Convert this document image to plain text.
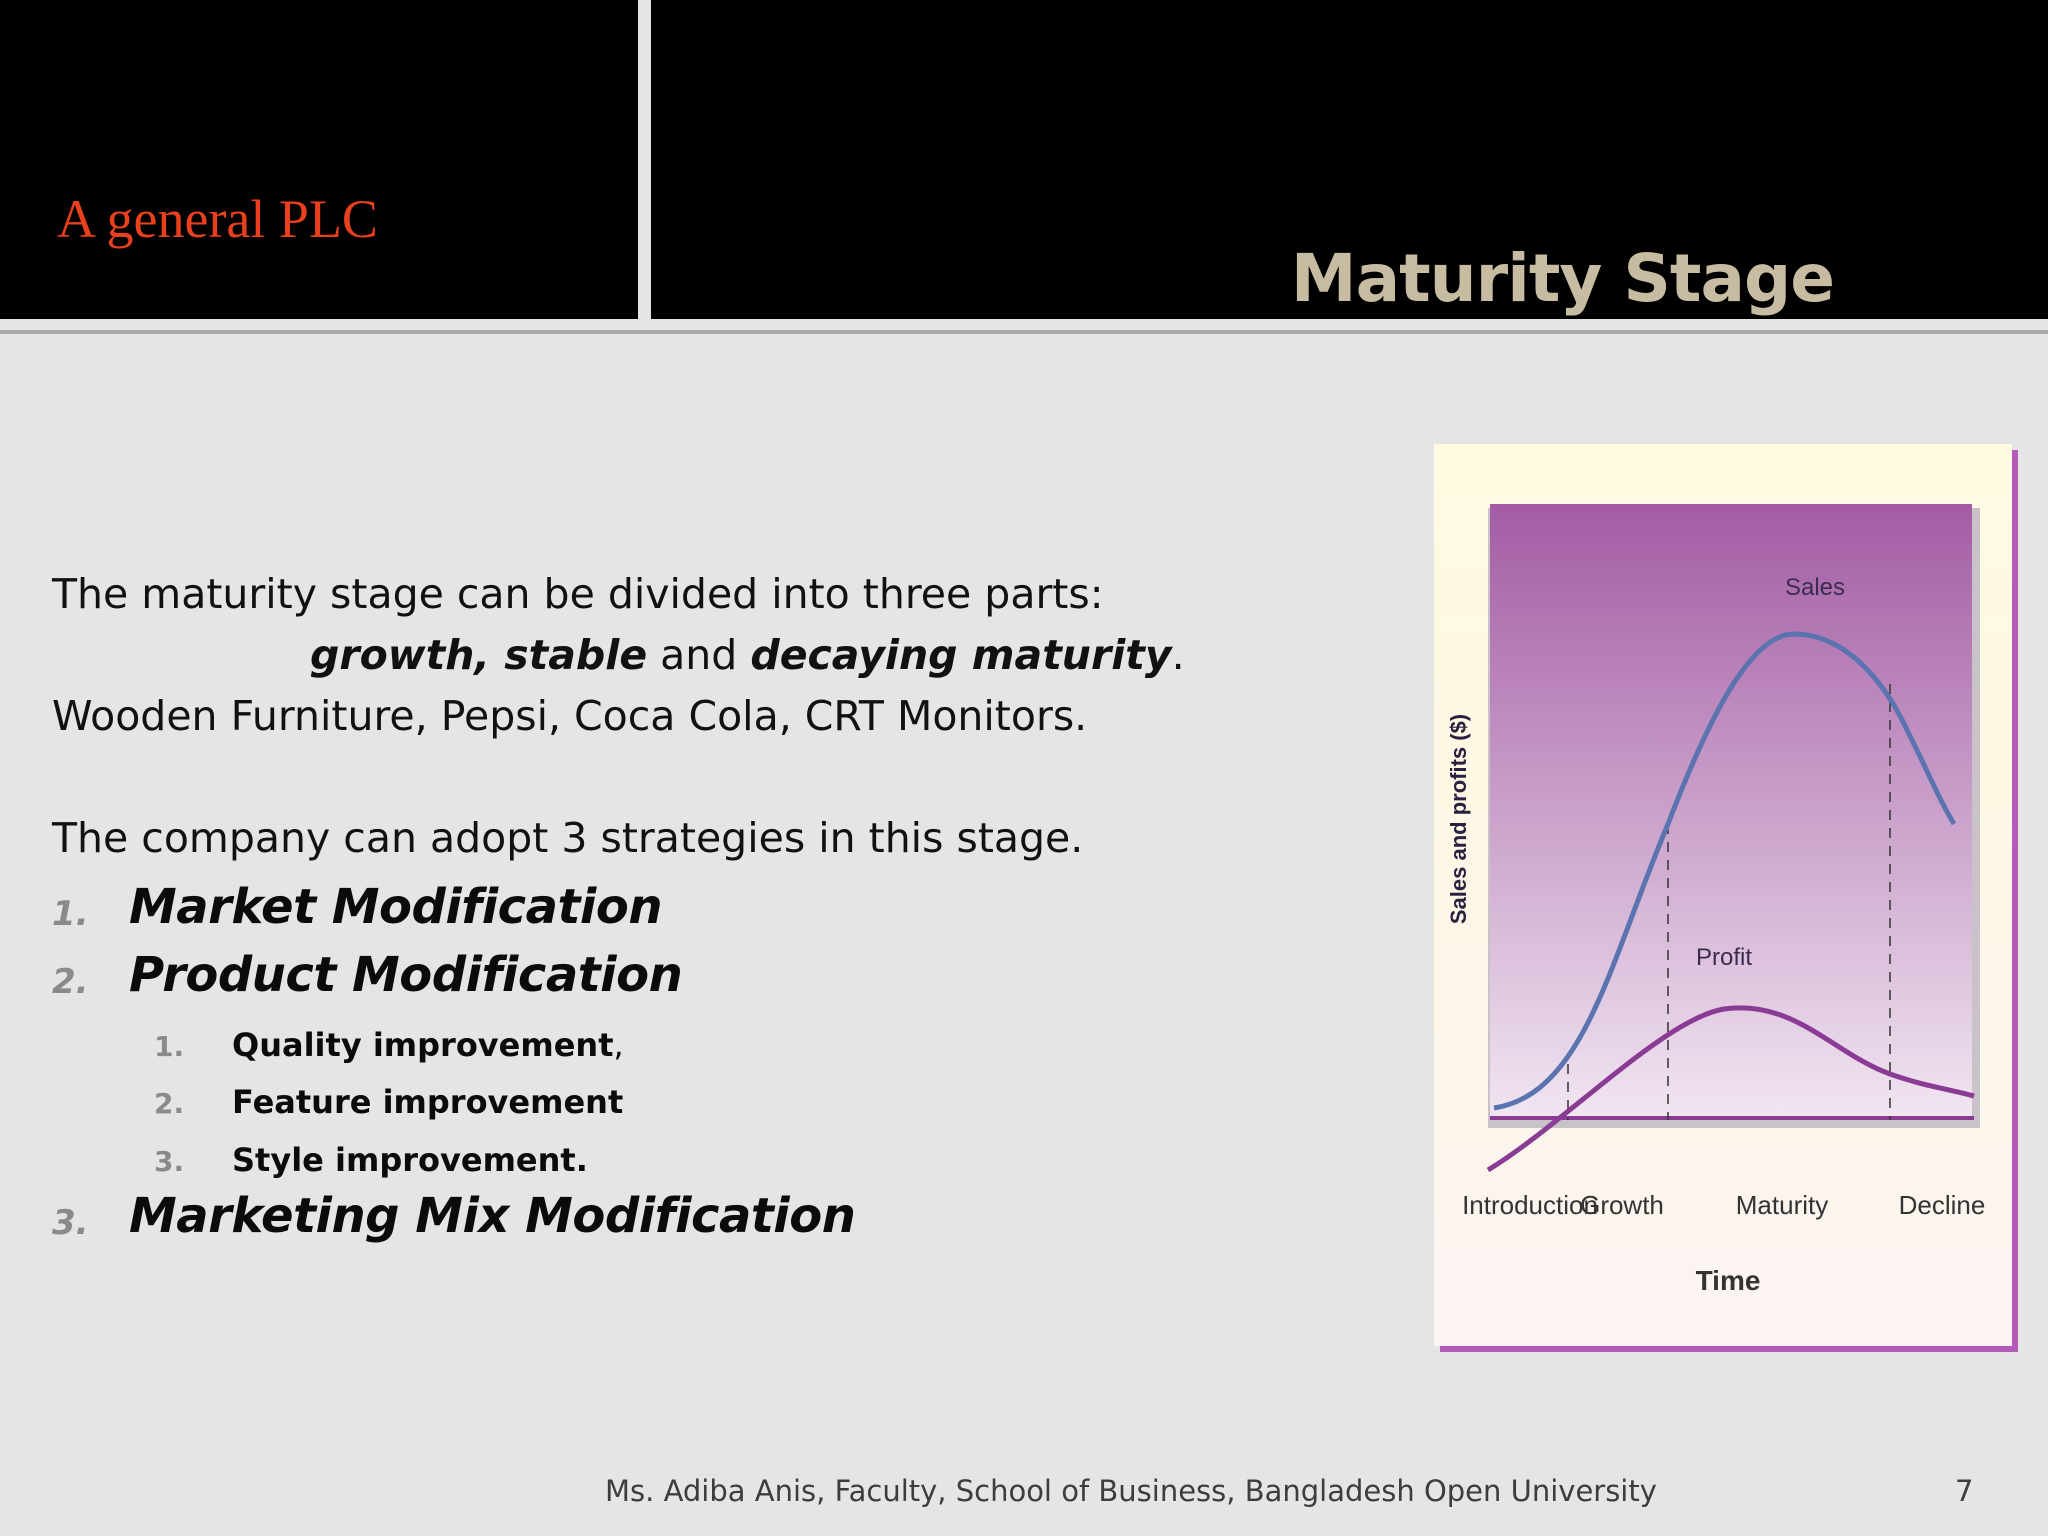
A general PLC
Maturity Stage
The maturity stage can be divided into three parts:
growth, stable and decaying maturity.
Wooden Furniture, Pepsi, Coca Cola, CRT Monitors.
The company can adopt 3 strategies in this stage.
1. Market Modification
2. Product Modification
1. Quality improvement,
2. Feature improvement
3. Style improvement.
3. Marketing Mix Modification
Sales
Profit
Sales and profits ($)
Introduction
Growth	Maturity	Decline
Time
Ms. Adiba Anis, Faculty, School of Business, Bangladesh Open University	7
